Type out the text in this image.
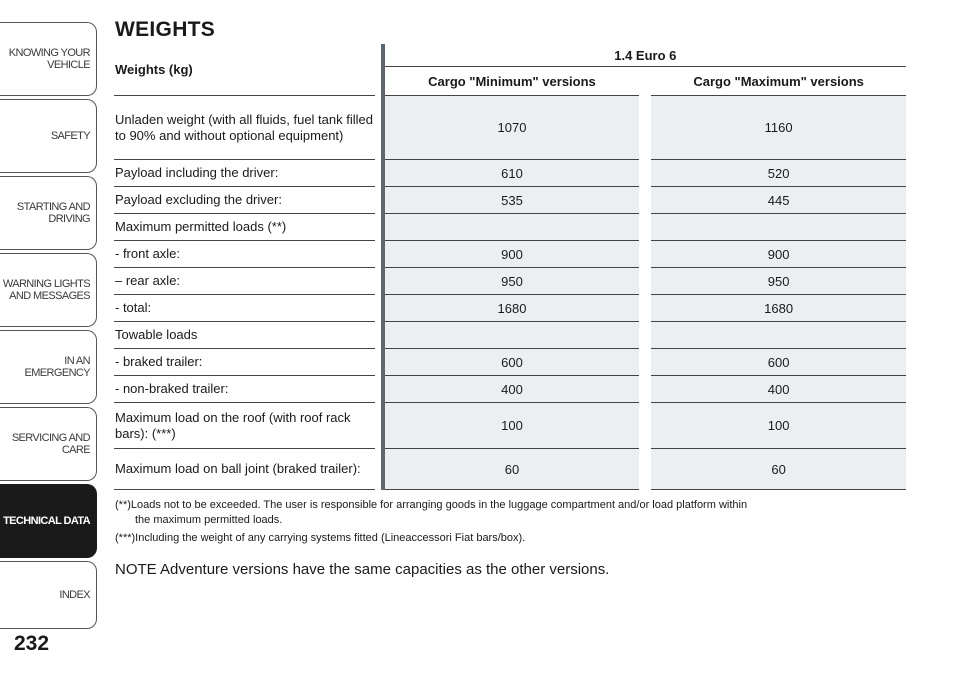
KNOWING YOUR VEHICLE
SAFETY
STARTING AND DRIVING
WARNING LIGHTS AND MESSAGES
IN AN EMERGENCY
SERVICING AND CARE
TECHNICAL DATA
INDEX
232
WEIGHTS
Weights (kg)			1.4 Euro 6		
			Cargo "Minimum" versions		Cargo "Maximum" versions
Unladen weight (with all fluids, fuel tank filled to 90% and without optional equipment)			1070		1160
Payload including the driver:			610		520
Payload excluding the driver:			535		445
Maximum permitted loads (**)					
- front axle:			900		900
– rear axle:			950		950
- total:			1680		1680
Towable loads					
- braked trailer:			600		600
- non-braked trailer:			400		400
Maximum load on the roof (with roof rack bars): (***)			100		100
Maximum load on ball joint (braked trailer):			60		60

(**)Loads not to be exceeded. The user is responsible for arranging goods in the luggage compartment and/or load platform within
the maximum permitted loads.

(***)Including the weight of any carrying systems fitted (Lineaccessori Fiat bars/box).

NOTE Adventure versions have the same capacities as the other versions.
